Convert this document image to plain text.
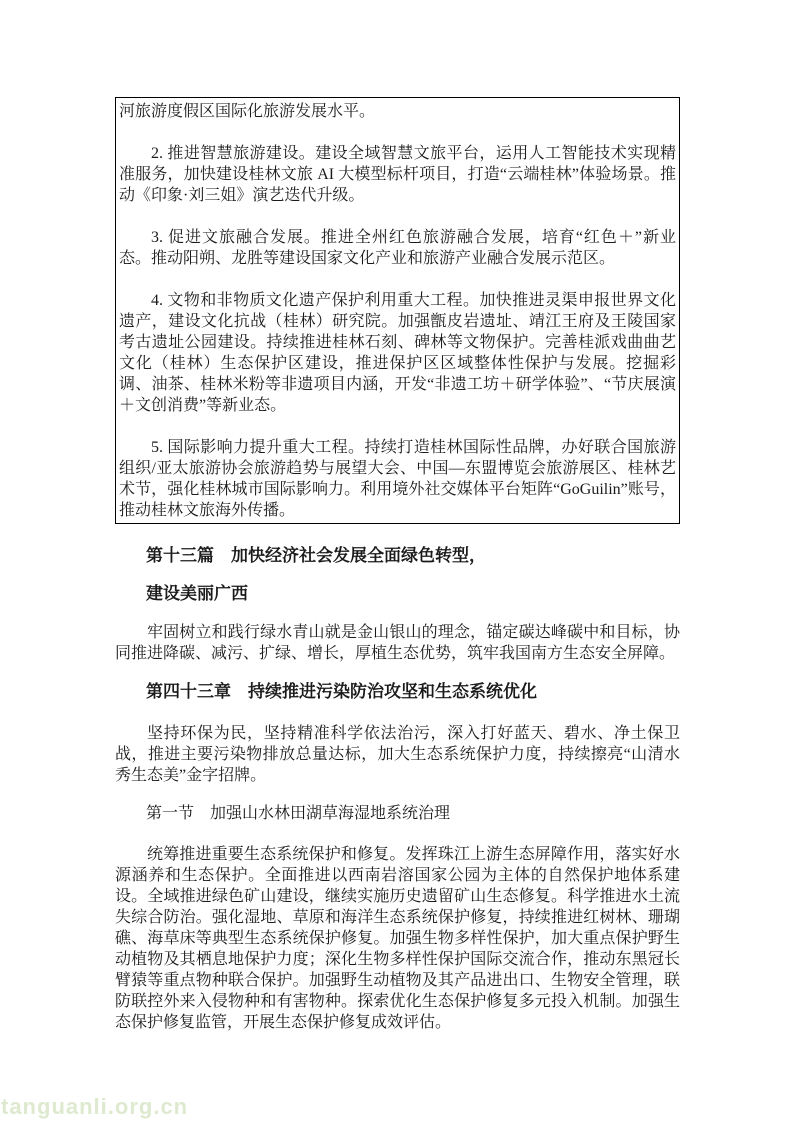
河旅游度假区国际化旅游发展水平。

2. 推进智慧旅游建设。建设全域智慧文旅平台，运用人工智能技术实现精准服务，加快建设桂林文旅 AI 大模型标杆项目，打造“云端桂林”体验场景。推动《印象·刘三姐》演艺迭代升级。

3. 促进文旅融合发展。推进全州红色旅游融合发展，培育“红色＋”新业态。推动阳朔、龙胜等建设国家文化产业和旅游产业融合发展示范区。

4. 文物和非物质文化遗产保护利用重大工程。加快推进灵渠申报世界文化遗产，建设文化抗战（桂林）研究院。加强甑皮岩遗址、靖江王府及王陵国家考古遗址公园建设。持续推进桂林石刻、碑林等文物保护。完善桂派戏曲曲艺文化（桂林）生态保护区建设，推进保护区区域整体性保护与发展。挖掘彩调、油茶、桂林米粉等非遗项目内涵，开发“非遗工坊＋研学体验”、“节庆展演＋文创消费”等新业态。

5. 国际影响力提升重大工程。持续打造桂林国际性品牌，办好联合国旅游组织/亚太旅游协会旅游趋势与展望大会、中国—东盟博览会旅游展区、桂林艺术节，强化桂林城市国际影响力。利用境外社交媒体平台矩阵“GoGuilin”账号，推动桂林文旅海外传播。

第十三篇　加快经济社会发展全面绿色转型，
建设美丽广西

牢固树立和践行绿水青山就是金山银山的理念，锚定碳达峰碳中和目标，协同推进降碳、减污、扩绿、增长，厚植生态优势，筑牢我国南方生态安全屏障。

第四十三章　持续推进污染防治攻坚和生态系统优化

坚持环保为民，坚持精准科学依法治污，深入打好蓝天、碧水、净土保卫战，推进主要污染物排放总量达标，加大生态系统保护力度，持续擦亮“山清水秀生态美”金字招牌。

第一节　加强山水林田湖草海湿地系统治理

统筹推进重要生态系统保护和修复。发挥珠江上游生态屏障作用，落实好水源涵养和生态保护。全面推进以西南岩溶国家公园为主体的自然保护地体系建设。全域推进绿色矿山建设，继续实施历史遗留矿山生态修复。科学推进水土流失综合防治。强化湿地、草原和海洋生态系统保护修复，持续推进红树林、珊瑚礁、海草床等典型生态系统保护修复。加强生物多样性保护，加大重点保护野生动植物及其栖息地保护力度；深化生物多样性保护国际交流合作，推动东黑冠长臂猿等重点物种联合保护。加强野生动植物及其产品进出口、生物安全管理，联防联控外来入侵物种和有害物种。探索优化生态保护修复多元投入机制。加强生态保护修复监管，开展生态保护修复成效评估。

tanguanli.org.cn
